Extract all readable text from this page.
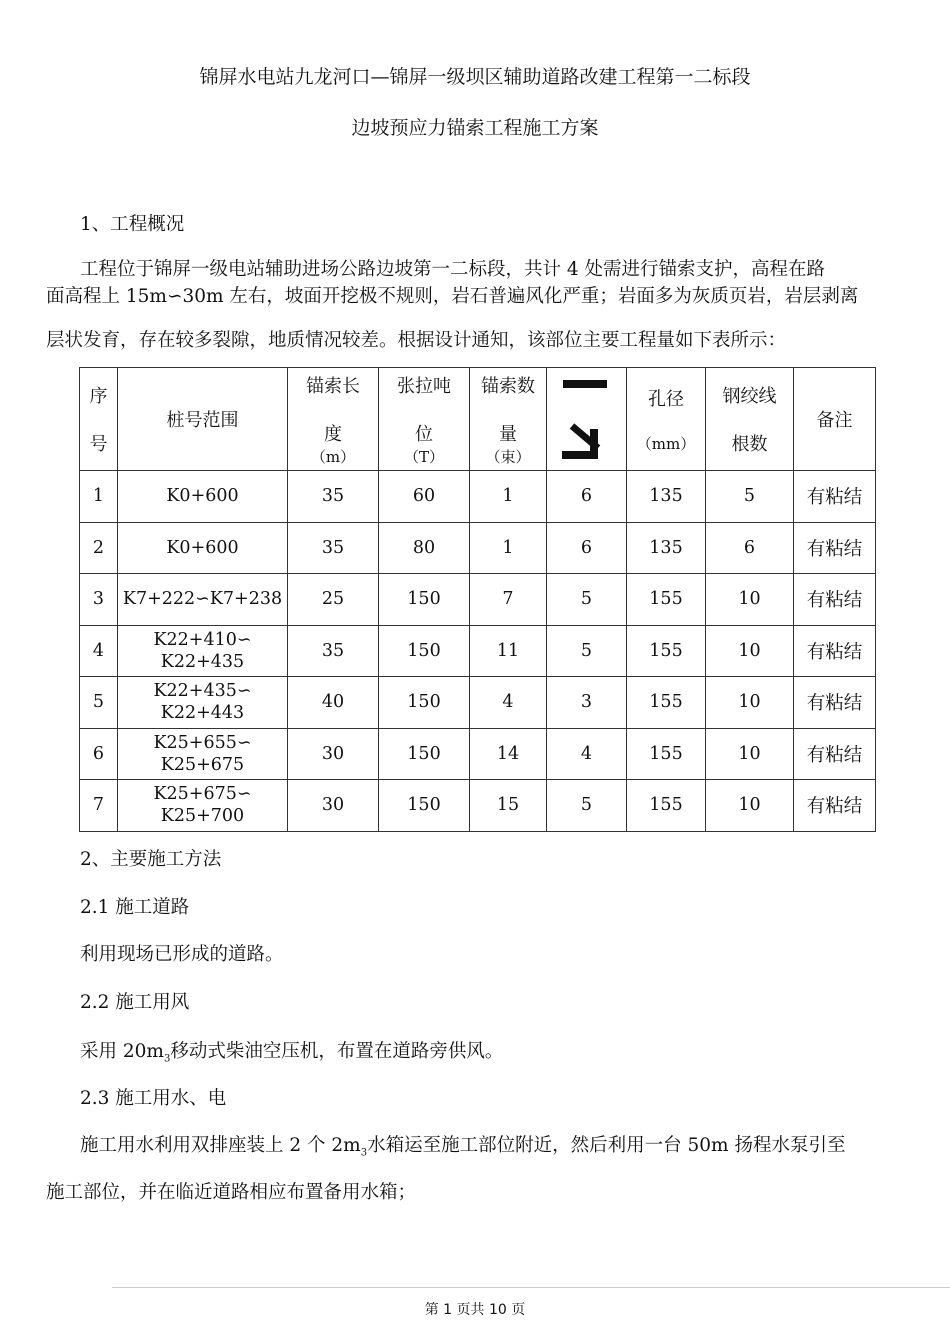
锦屏水电站九龙河口—锦屏一级坝区辅助道路改建工程第一二标段
边坡预应力锚索工程施工方案
1、工程概况
工程位于锦屏一级电站辅助进场公路边坡第一二标段，共计 4 处需进行锚索支护，高程在路
面高程上 15m∽30m 左右，坡面开挖极不规则，岩石普遍风化严重；岩面多为灰质页岩，岩层剥离
层状发育，存在较多裂隙，地质情况较差。根据设计通知，该部位主要工程量如下表所示：
序
号	桩号范围	锚索长
度
（m）	张拉吨
位
（T）	锚索数
量
（束）		孔径
（mm）	钢绞线
根数	备注
1	K0+600	35	60	1	6	135	5	有粘结
2	K0+600	35	80	1	6	135	6	有粘结
3	K7+222∽K7+238	25	150	7	5	155	10	有粘结
4	K22+410∽
K22+435	35	150	11	5	155	10	有粘结
5	K22+435∽
K22+443	40	150	4	3	155	10	有粘结
6	K25+655∽
K25+675	30	150	14	4	155	10	有粘结
7	K25+675∽
K25+700	30	150	15	5	155	10	有粘结
2、主要施工方法
2.1 施工道路
利用现场已形成的道路。
2.2 施工用风
采用 $20m_3$移动式柴油空压机，布置在道路旁供风。
2.3 施工用水、电
施工用水利用双排座装上 2 个 $2m_3$水箱运至施工部位附近，然后利用一台 50m 扬程水泵引至
施工部位，并在临近道路相应布置备用水箱；
第 1 页共 10 页
